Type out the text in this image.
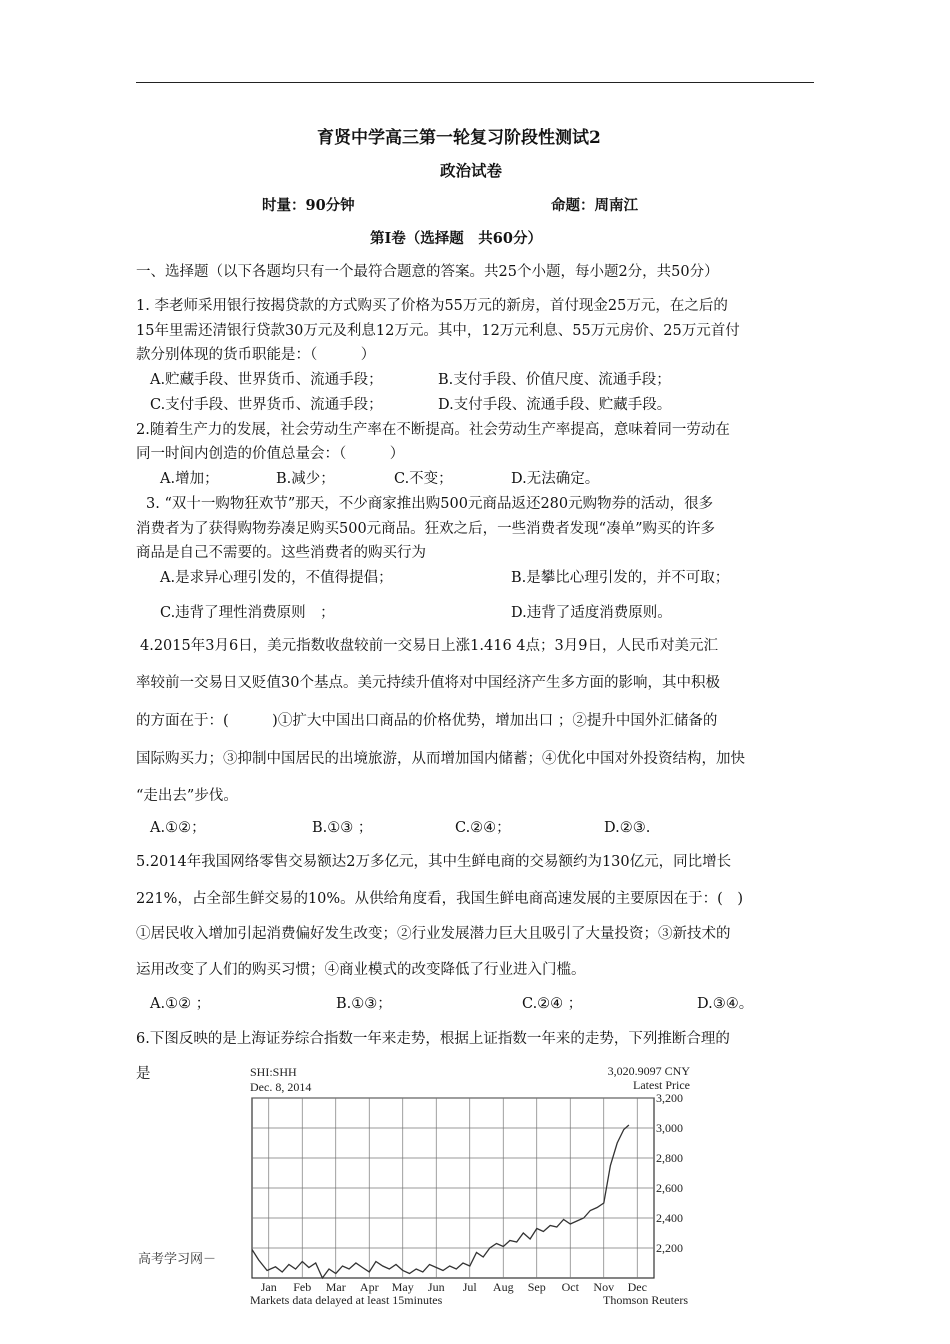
育贤中学高三第一轮复习阶段性测试2
政治试卷
时量：90分钟	命题：周南江
第Ⅰ卷（选择题　共60分）
一、选择题（以下各题均只有一个最符合题意的答案。共25个小题，每小题2分，共50分）
1. 李老师采用银行按揭贷款的方式购买了价格为55万元的新房，首付现金25万元，在之后的
15年里需还清银行贷款30万元及利息12万元。其中，12万元利息、55万元房价、25万元首付
款分别体现的货币职能是：（　　　）
A.贮藏手段、世界货币、流通手段；	B.支付手段、价值尺度、流通手段；
C.支付手段、世界货币、流通手段；	D.支付手段、流通手段、贮藏手段。
2.随着生产力的发展，社会劳动生产率在不断提高。社会劳动生产率提高，意味着同一劳动在
同一时间内创造的价值总量会：（　　　）
A.增加；	B.减少；	C.不变；	D.无法确定。
3. “双十一购物狂欢节”那天，不少商家推出购500元商品返还280元购物券的活动，很多
消费者为了获得购物券凑足购买500元商品。狂欢之后，一些消费者发现“凑单”购买的许多
商品是自己不需要的。这些消费者的购买行为
A.是求异心理引发的，不值得提倡；	B.是攀比心理引发的，并不可取；
C.违背了理性消费原则　；	D.违背了适度消费原则。
4.2015年3月6日，美元指数收盘较前一交易日上涨1.416 4点；3月9日，人民币对美元汇
率较前一交易日又贬值30个基点。美元持续升值将对中国经济产生多方面的影响，其中积极
的方面在于：(　　　)①扩大中国出口商品的价格优势，增加出口 ；②提升中国外汇储备的
国际购买力；③抑制中国居民的出境旅游，从而增加国内储蓄；④优化中国对外投资结构，加快
“走出去”步伐。
A.①②；	B.①③ ；	C.②④；	D.②③.
5.2014年我国网络零售交易额达2万多亿元，其中生鲜电商的交易额约为130亿元，同比增长
221%，占全部生鲜交易的10%。从供给角度看，我国生鲜电商高速发展的主要原因在于：(　)
①居民收入增加引起消费偏好发生改变；②行业发展潜力巨大且吸引了大量投资；③新技术的
运用改变了人们的购买习惯；④商业模式的改变降低了行业进入门槛。
A.①② ；	B.①③；	C.②④ ；	D.③④。
6.下图反映的是上海证券综合指数一年来走势，根据上证指数一年来的走势，下列推断合理的
是	SHI:SHH
Dec. 8, 2014
3,020.9097 CNY
Latest Price
3,200
3,000
2,800
2,600
2,400
2,200
Jan Feb Mar Apr May Jun Jul Aug Sep Oct Nov Dec
Markets data delayed at least 15minutes	Thomson Reuters
高考学习网－
